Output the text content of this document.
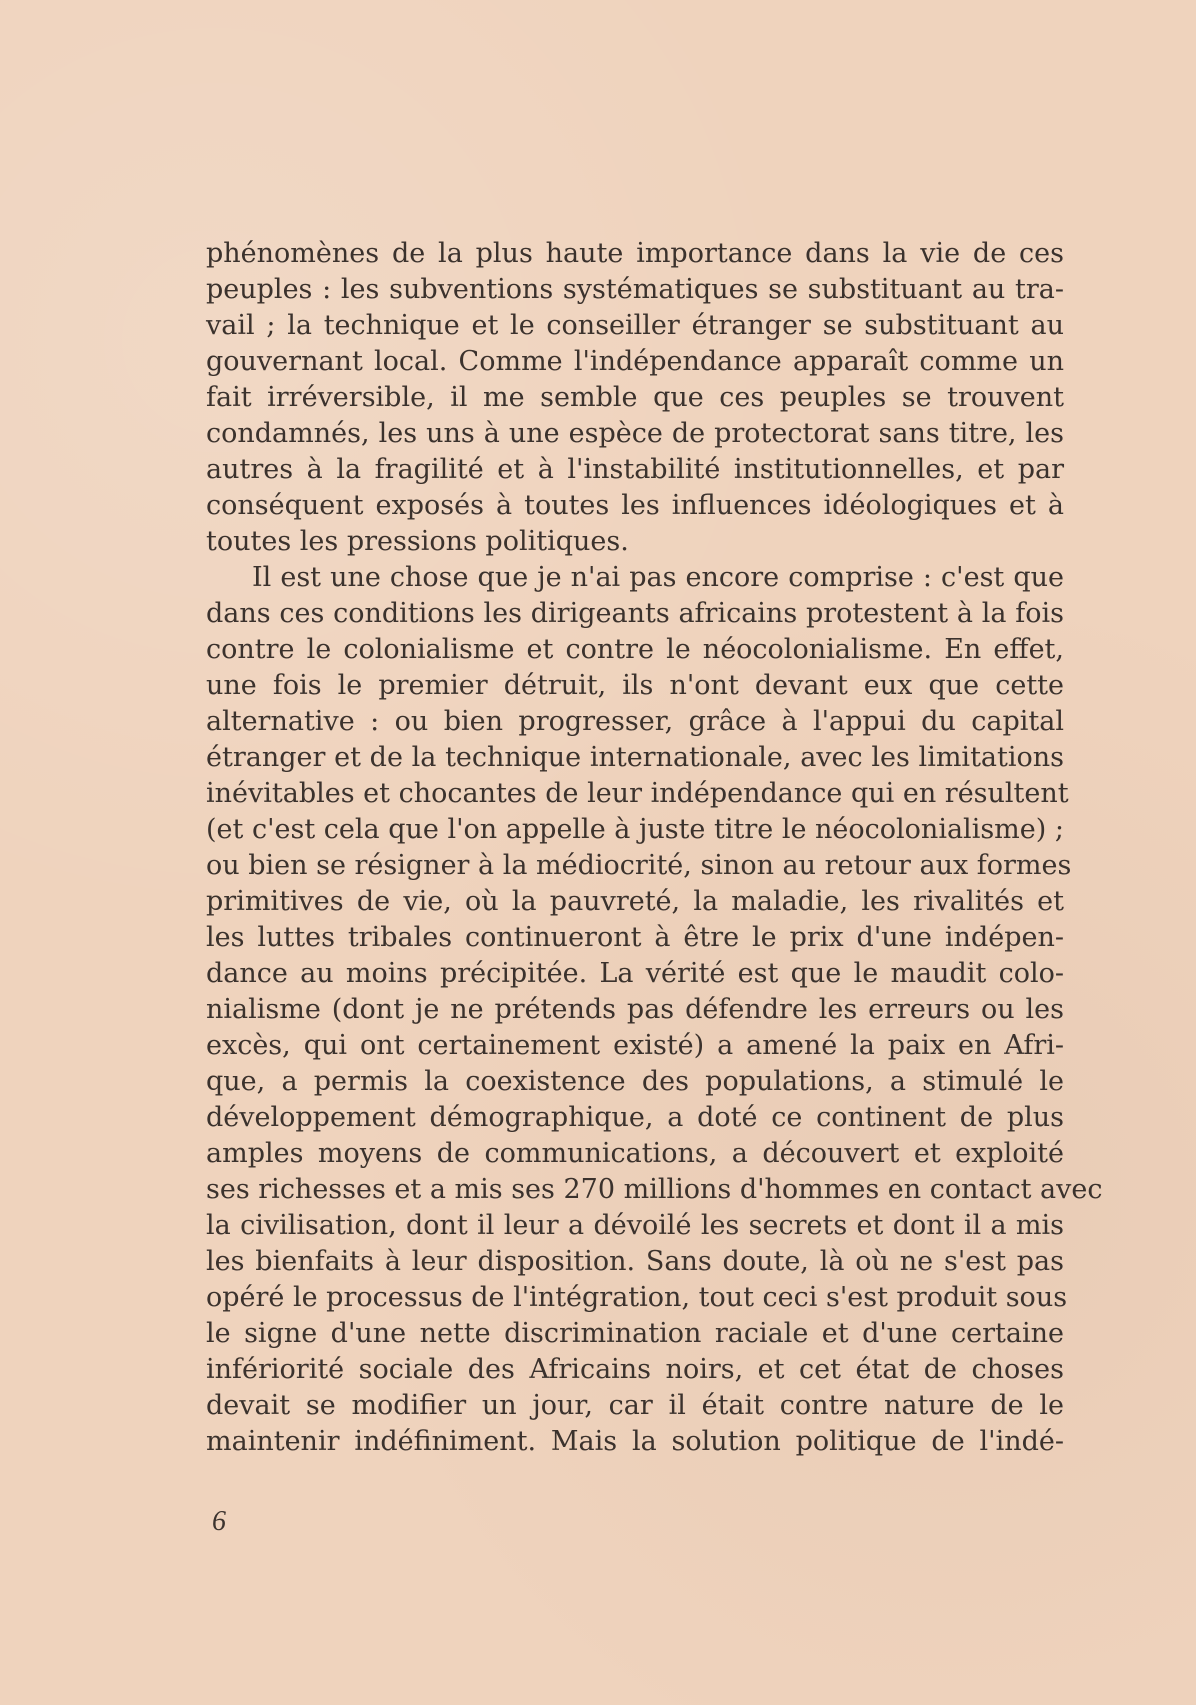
phénomènes de la plus haute importance dans la vie de ces
peuples : les subventions systématiques se substituant au tra-
vail ; la technique et le conseiller étranger se substituant au
gouvernant local. Comme l'indépendance apparaît comme un
fait irréversible, il me semble que ces peuples se trouvent
condamnés, les uns à une espèce de protectorat sans titre, les
autres à la fragilité et à l'instabilité institutionnelles, et par
conséquent exposés à toutes les influences idéologiques et à
toutes les pressions politiques.
Il est une chose que je n'ai pas encore comprise : c'est que
dans ces conditions les dirigeants africains protestent à la fois
contre le colonialisme et contre le néocolonialisme. En effet,
une fois le premier détruit, ils n'ont devant eux que cette
alternative : ou bien progresser, grâce à l'appui du capital
étranger et de la technique internationale, avec les limitations
inévitables et chocantes de leur indépendance qui en résultent
(et c'est cela que l'on appelle à juste titre le néocolonialisme) ;
ou bien se résigner à la médiocrité, sinon au retour aux formes
primitives de vie, où la pauvreté, la maladie, les rivalités et
les luttes tribales continueront à être le prix d'une indépen-
dance au moins précipitée. La vérité est que le maudit colo-
nialisme (dont je ne prétends pas défendre les erreurs ou les
excès, qui ont certainement existé) a amené la paix en Afri-
que, a permis la coexistence des populations, a stimulé le
développement démographique, a doté ce continent de plus
amples moyens de communications, a découvert et exploité
ses richesses et a mis ses 270 millions d'hommes en contact avec
la civilisation, dont il leur a dévoilé les secrets et dont il a mis
les bienfaits à leur disposition. Sans doute, là où ne s'est pas
opéré le processus de l'intégration, tout ceci s'est produit sous
le signe d'une nette discrimination raciale et d'une certaine
infériorité sociale des Africains noirs, et cet état de choses
devait se modifier un jour, car il était contre nature de le
maintenir indéfiniment. Mais la solution politique de l'indé-
6
